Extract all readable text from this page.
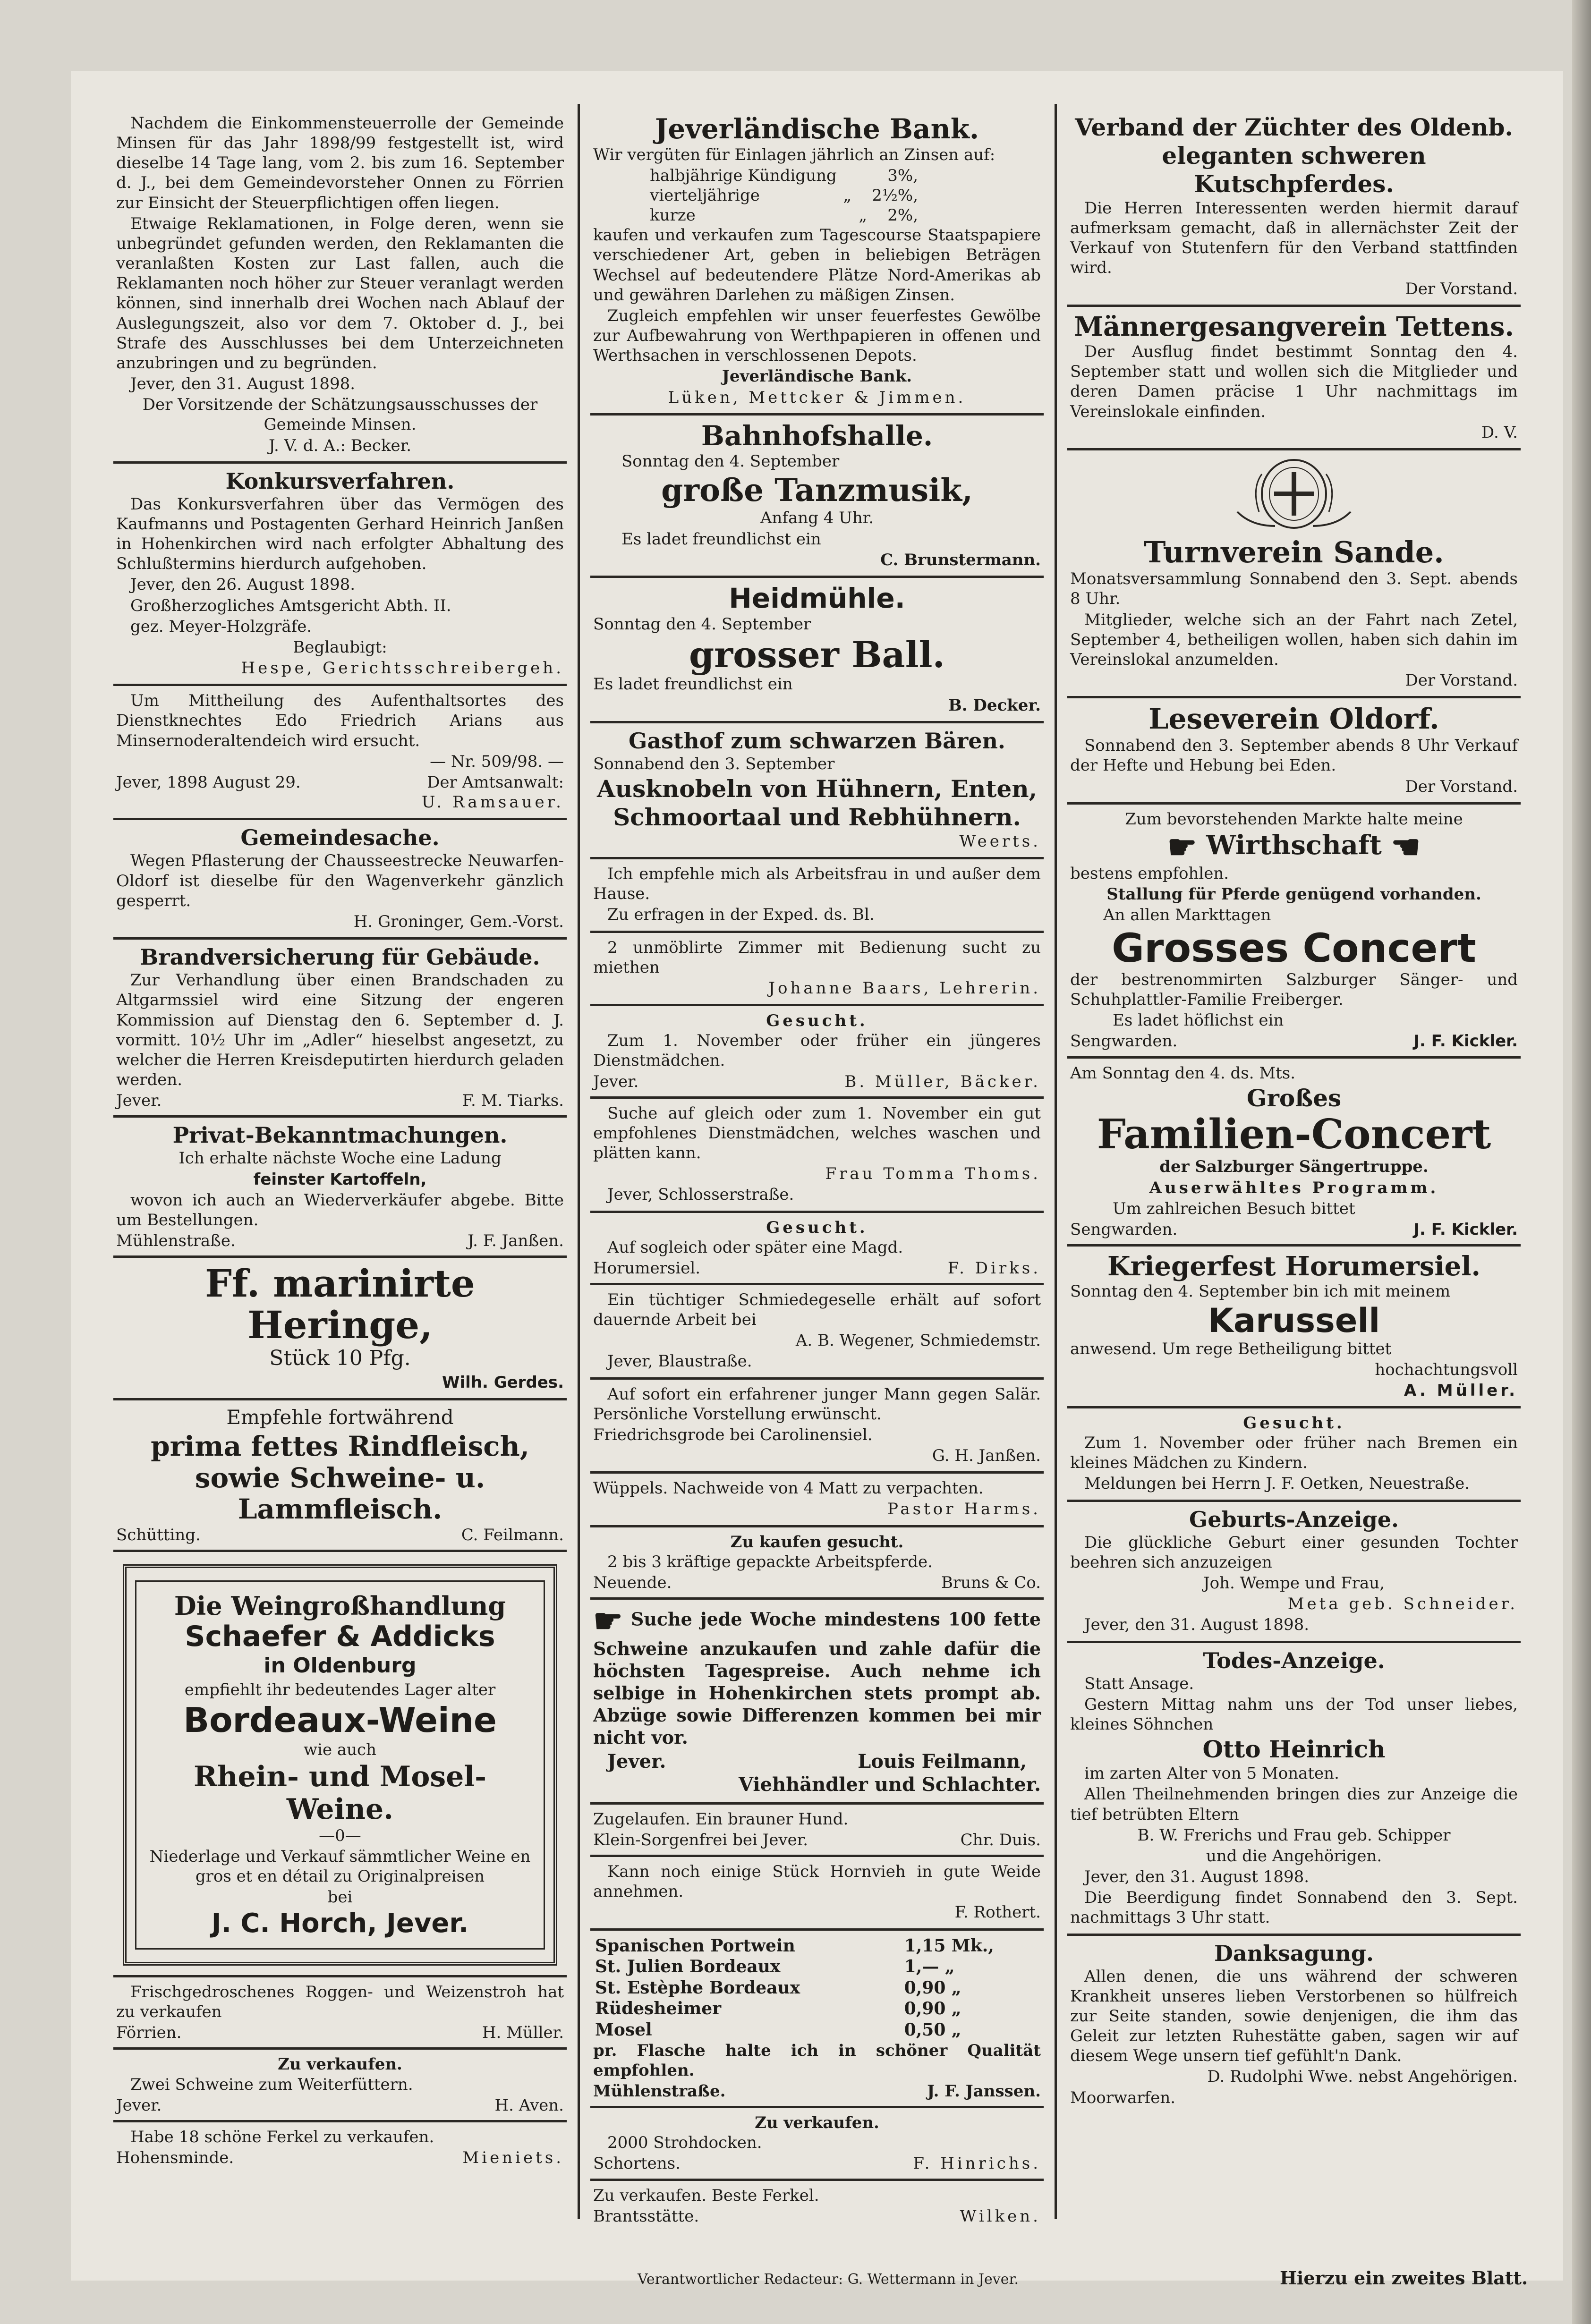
Nachdem die Einkommensteuerrolle der Gemeinde Minsen für das Jahr 1898/99 festgestellt ist, wird dieselbe 14 Tage lang, vom 2. bis zum 16. September d. J., bei dem Gemeindevorsteher Onnen zu Förrien zur Einsicht der Steuerpflichtigen offen liegen.

Etwaige Reklamationen, in Folge deren, wenn sie unbegründet gefunden werden, den Reklamanten die veranlaßten Kosten zur Last fallen, auch die Reklamanten noch höher zur Steuer veranlagt werden können, sind innerhalb drei Wochen nach Ablauf der Auslegungszeit, also vor dem 7. Oktober d. J., bei Strafe des Ausschlusses bei dem Unterzeichneten anzubringen und zu begründen.

Jever, den 31. August 1898.

Der Vorsitzende der Schätzungsausschusses der Gemeinde Minsen.

J. V. d. A.: Becker.

Konkursverfahren.

Das Konkursverfahren über das Vermögen des Kaufmanns und Postagenten Gerhard Heinrich Janßen in Hohenkirchen wird nach erfolgter Abhaltung des Schlußtermins hierdurch aufgehoben.

Jever, den 26. August 1898.

Großherzogliches Amtsgericht Abth. II.

gez. Meyer-Holzgräfe.

Beglaubigt:

Hespe, Gerichtsschreibergeh.

Um Mittheilung des Aufenthaltsortes des Dienstknechtes Edo Friedrich Arians aus Minsernoderaltendeich wird ersucht.

— Nr. 509/98. —

Jever, 1898 August 29.	Der Amtsanwalt:

U. Ramsauer.

Gemeindesache.

Wegen Pflasterung der Chausseestrecke Neuwarfen-Oldorf ist dieselbe für den Wagenverkehr gänzlich gesperrt.

H. Groninger, Gem.-Vorst.

Brandversicherung für Gebäude.

Zur Verhandlung über einen Brandschaden zu Altgarmssiel wird eine Sitzung der engeren Kommission auf Dienstag den 6. September d. J. vormitt. 10½ Uhr im „Adler“ hieselbst angesetzt, zu welcher die Herren Kreisdeputirten hierdurch geladen werden.

Jever.	F. M. Tiarks.
Privat-Bekanntmachungen.

Ich erhalte nächste Woche eine Ladung

feinster Kartoffeln,

wovon ich auch an Wiederverkäufer abgebe. Bitte um Bestellungen.

Mühlenstraße.	J. F. Janßen.
Ff. marinirte Heringe,

Stück 10 Pfg.

Wilh. Gerdes.

Empfehle fortwährend

prima fettes Rindfleisch,
sowie Schweine- u. Lammfleisch.
Schütting.	C. Feilmann.
Die Weingroßhandlung
Schaefer & Addicks

in Oldenburg

empfiehlt ihr bedeutendes Lager alter

Bordeaux-Weine

wie auch

Rhein- und Mosel-Weine.

—0—

Niederlage und Verkauf sämmtlicher Weine en gros et en détail zu Originalpreisen

bei

J. C. Horch, Jever.

Frischgedroschenes Roggen- und Weizenstroh hat zu verkaufen

Förrien.	H. Müller.
Zu verkaufen.

Zwei Schweine zum Weiterfüttern.

Jever.	H. Aven.

Habe 18 schöne Ferkel zu verkaufen.

Hohensminde.	Mieniets.
Jeverländische Bank.

Wir vergüten für Einlagen jährlich an Zinsen auf:

halbjährige Kündigung	3%,
vierteljährige	„ 2½%,
kurze	„ 2%,

kaufen und verkaufen zum Tagescourse Staatspapiere verschiedener Art, geben in beliebigen Beträgen Wechsel auf bedeutendere Plätze Nord-Amerikas ab und gewähren Darlehen zu mäßigen Zinsen.

Zugleich empfehlen wir unser feuerfestes Gewölbe zur Aufbewahrung von Werthpapieren in offenen und Werthsachen in verschlossenen Depots.

Jeverländische Bank.

Lüken, Mettcker & Jimmen.

Bahnhofshalle.

Sonntag den 4. September

große Tanzmusik,

Anfang 4 Uhr.

Es ladet freundlichst ein

C. Brunstermann.

Heidmühle.

Sonntag den 4. September

grosser Ball.

Es ladet freundlichst ein

B. Decker.

Gasthof zum schwarzen Bären.

Sonnabend den 3. September

Ausknobeln von Hühnern, Enten,
Schmoortaal und Rebhühnern.

Weerts.

Ich empfehle mich als Arbeitsfrau in und außer dem Hause.

Zu erfragen in der Exped. ds. Bl.

2 unmöblirte Zimmer mit Bedienung sucht zu miethen

Johanne Baars, Lehrerin.

Gesucht.

Zum 1. November oder früher ein jüngeres Dienstmädchen.

Jever.	B. Müller, Bäcker.

Suche auf gleich oder zum 1. November ein gut empfohlenes Dienstmädchen, welches waschen und plätten kann.

Frau Tomma Thoms.

Jever, Schlosserstraße.

Gesucht.

Auf sogleich oder später eine Magd.

Horumersiel.	F. Dirks.

Ein tüchtiger Schmiedegeselle erhält auf sofort dauernde Arbeit bei

A. B. Wegener, Schmiedemstr.

Jever, Blaustraße.

Auf sofort ein erfahrener junger Mann gegen Salär. Persönliche Vorstellung erwünscht.

Friedrichsgrode bei Carolinensiel.

G. H. Janßen.

Wüppels. Nachweide von 4 Matt zu verpachten.

Pastor Harms.

Zu kaufen gesucht.

2 bis 3 kräftige gepackte Arbeitspferde.

Neuende.	Bruns & Co.

☛ Suche jede Woche mindestens 100 fette Schweine anzukaufen und zahle dafür die höchsten Tagespreise. Auch nehme ich selbige in Hohenkirchen stets prompt ab. Abzüge sowie Differenzen kommen bei mir nicht vor.

Jever.	Louis Feilmann,

Viehhändler und Schlachter.

Zugelaufen. Ein brauner Hund.

Klein-Sorgenfrei bei Jever.	Chr. Duis.

Kann noch einige Stück Hornvieh in gute Weide annehmen.

F. Rothert.

Spanischen Portwein	1,15 Mk.,
St. Julien Bordeaux	1,— „
St. Estèphe Bordeaux	0,90 „
Rüdesheimer	0,90 „
Mosel	0,50 „

pr. Flasche halte ich in schöner Qualität empfohlen.

Mühlenstraße.	J. F. Janssen.
Zu verkaufen.

2000 Strohdocken.

Schortens.	F. Hinrichs.

Zu verkaufen. Beste Ferkel.

Brantsstätte.	Wilken.
Verband der Züchter des Oldenb.
eleganten schweren Kutschpferdes.

Die Herren Interessenten werden hiermit darauf aufmerksam gemacht, daß in allernächster Zeit der Verkauf von Stutenfern für den Verband stattfinden wird.

Der Vorstand.

Männergesangverein Tettens.

Der Ausflug findet bestimmt Sonntag den 4. September statt und wollen sich die Mitglieder und deren Damen präcise 1 Uhr nachmittags im Vereinslokale einfinden.

D. V.

Turnverein Sande.

Monatsversammlung Sonnabend den 3. Sept. abends 8 Uhr.

Mitglieder, welche sich an der Fahrt nach Zetel, September 4, betheiligen wollen, haben sich dahin im Vereinslokal anzumelden.

Der Vorstand.

Leseverein Oldorf.

Sonnabend den 3. September abends 8 Uhr Verkauf der Hefte und Hebung bei Eden.

Der Vorstand.

Zum bevorstehenden Markte halte meine

☛ Wirthschaft ☚

bestens empfohlen.

Stallung für Pferde genügend vorhanden.

An allen Markttagen

Grosses Concert

der bestrenommirten Salzburger Sänger- und Schuhplattler-Familie Freiberger.

Es ladet höflichst ein

Sengwarden.	J. F. Kickler.

Am Sonntag den 4. ds. Mts.

Großes
Familien-Concert

der Salzburger Sängertruppe.

Auserwähltes Programm.

Um zahlreichen Besuch bittet

Sengwarden.	J. F. Kickler.
Kriegerfest Horumersiel.

Sonntag den 4. September bin ich mit meinem

Karussell

anwesend. Um rege Betheiligung bittet

hochachtungsvoll

A. Müller.

Gesucht.

Zum 1. November oder früher nach Bremen ein kleines Mädchen zu Kindern.

Meldungen bei Herrn J. F. Oetken, Neuestraße.

Geburts-Anzeige.

Die glückliche Geburt einer gesunden Tochter beehren sich anzuzeigen

Joh. Wempe und Frau,

Meta geb. Schneider.

Jever, den 31. August 1898.

Todes-Anzeige.

Statt Ansage.

Gestern Mittag nahm uns der Tod unser liebes, kleines Söhnchen

Otto Heinrich

im zarten Alter von 5 Monaten.

Allen Theilnehmenden bringen dies zur Anzeige die tief betrübten Eltern

B. W. Frerichs und Frau geb. Schipper

und die Angehörigen.

Jever, den 31. August 1898.

Die Beerdigung findet Sonnabend den 3. Sept. nachmittags 3 Uhr statt.

Danksagung.

Allen denen, die uns während der schweren Krankheit unseres lieben Verstorbenen so hülfreich zur Seite standen, sowie denjenigen, die ihm das Geleit zur letzten Ruhestätte gaben, sagen wir auf diesem Wege unsern tief gefühlt'n Dank.

D. Rudolphi Wwe. nebst Angehörigen.

Moorwarfen.

Verantwortlicher Redacteur: G. Wettermann in Jever.	Hierzu ein zweites Blatt.
